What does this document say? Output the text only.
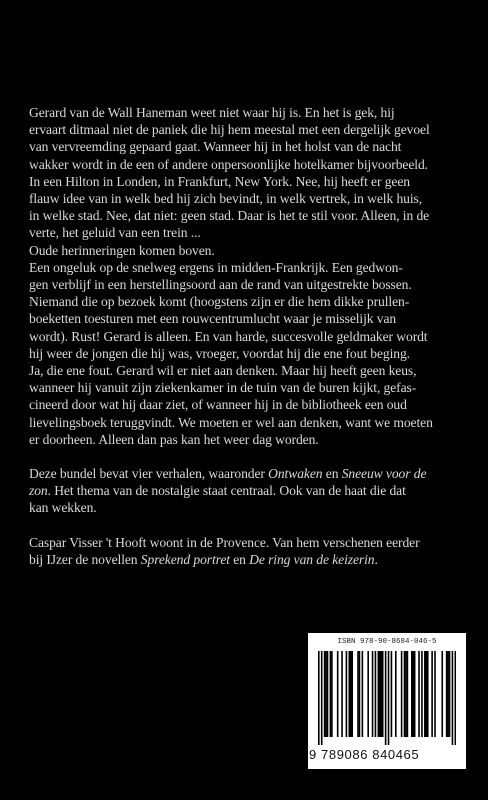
Gerard van de Wall Haneman weet niet waar hij is. En het is gek, hij
ervaart ditmaal niet de paniek die hij hem meestal met een dergelijk gevoel
van vervreemding gepaard gaat. Wanneer hij in het holst van de nacht
wakker wordt in de een of andere onpersoonlijke hotelkamer bijvoorbeeld.
In een Hilton in Londen, in Frankfurt, New York. Nee, hij heeft er geen
flauw idee van in welk bed hij zich bevindt, in welk vertrek, in welk huis,
in welke stad. Nee, dat niet: geen stad. Daar is het te stil voor. Alleen, in de
verte, het geluid van een trein ...
Oude herinneringen komen boven.
Een ongeluk op de snelweg ergens in midden-Frankrijk. Een gedwon-
gen verblijf in een herstellingsoord aan de rand van uitgestrekte bossen.
Niemand die op bezoek komt (hoogstens zijn er die hem dikke prullen-
boeketten toesturen met een rouwcentrumlucht waar je misselijk van
wordt). Rust! Gerard is alleen. En van harde, succesvolle geldmaker wordt
hij weer de jongen die hij was, vroeger, voordat hij die ene fout beging.
Ja, die ene fout. Gerard wil er niet aan denken. Maar hij heeft geen keus,
wanneer hij vanuit zijn ziekenkamer in de tuin van de buren kijkt, gefas-
cineerd door wat hij daar ziet, of wanneer hij in de bibliotheek een oud
lievelingsboek teruggvindt. We moeten er wel aan denken, want we moeten
er doorheen. Alleen dan pas kan het weer dag worden.
Deze bundel bevat vier verhalen, waaronder Ontwaken en Sneeuw voor de
zon. Het thema van de nostalgie staat centraal. Ook van de haat die dat
kan wekken.
Caspar Visser 't Hooft woont in de Provence. Van hem verschenen eerder
bij IJzer de novellen Sprekend portret en De ring van de keizerin.
ISBN 978-90-8684-046-5
9 789086 840465
